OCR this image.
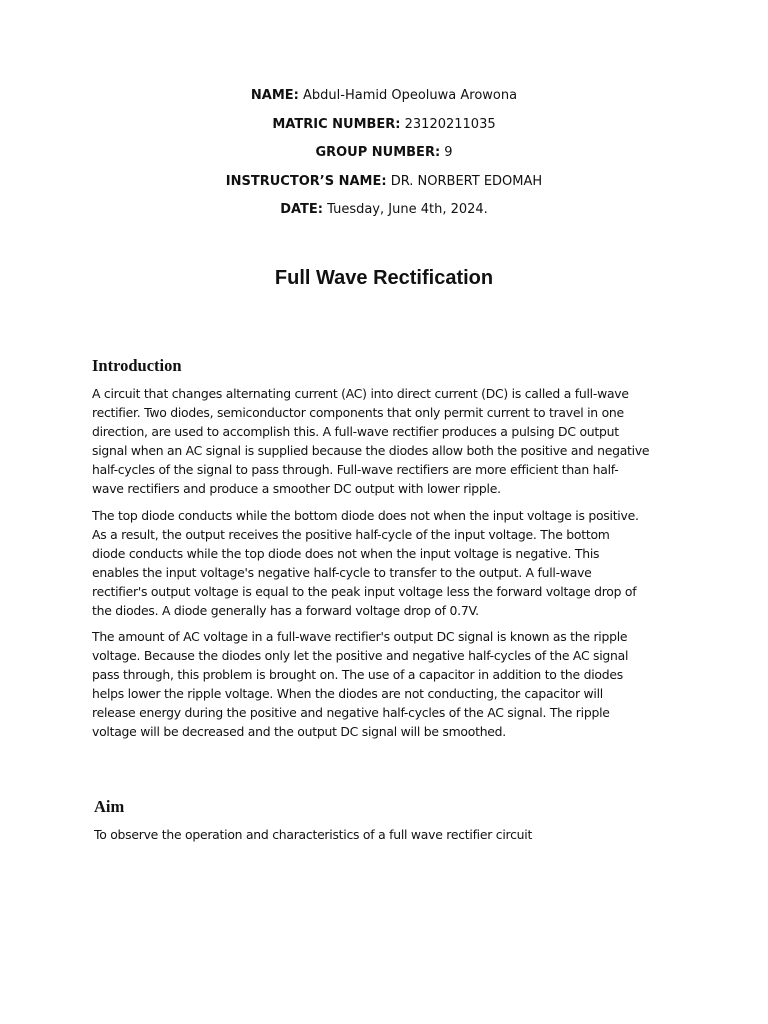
NAME: Abdul-Hamid Opeoluwa Arowona
MATRIC NUMBER: 23120211035
GROUP NUMBER: 9
INSTRUCTOR’S NAME: DR. NORBERT EDOMAH
DATE: Tuesday, June 4th, 2024.
Full Wave Rectification
Introduction

A circuit that changes alternating current (AC) into direct current (DC) is called a full-wave
rectifier. Two diodes, semiconductor components that only permit current to travel in one
direction, are used to accomplish this. A full-wave rectifier produces a pulsing DC output
signal when an AC signal is supplied because the diodes allow both the positive and negative
half-cycles of the signal to pass through. Full-wave rectifiers are more efficient than half-
wave rectifiers and produce a smoother DC output with lower ripple.

The top diode conducts while the bottom diode does not when the input voltage is positive.
As a result, the output receives the positive half-cycle of the input voltage. The bottom
diode conducts while the top diode does not when the input voltage is negative. This
enables the input voltage's negative half-cycle to transfer to the output. A full-wave
rectifier's output voltage is equal to the peak input voltage less the forward voltage drop of
the diodes. A diode generally has a forward voltage drop of 0.7V.

The amount of AC voltage in a full-wave rectifier's output DC signal is known as the ripple
voltage. Because the diodes only let the positive and negative half-cycles of the AC signal
pass through, this problem is brought on. The use of a capacitor in addition to the diodes
helps lower the ripple voltage. When the diodes are not conducting, the capacitor will
release energy during the positive and negative half-cycles of the AC signal. The ripple
voltage will be decreased and the output DC signal will be smoothed.

Aim

To observe the operation and characteristics of a full wave rectifier circuit
